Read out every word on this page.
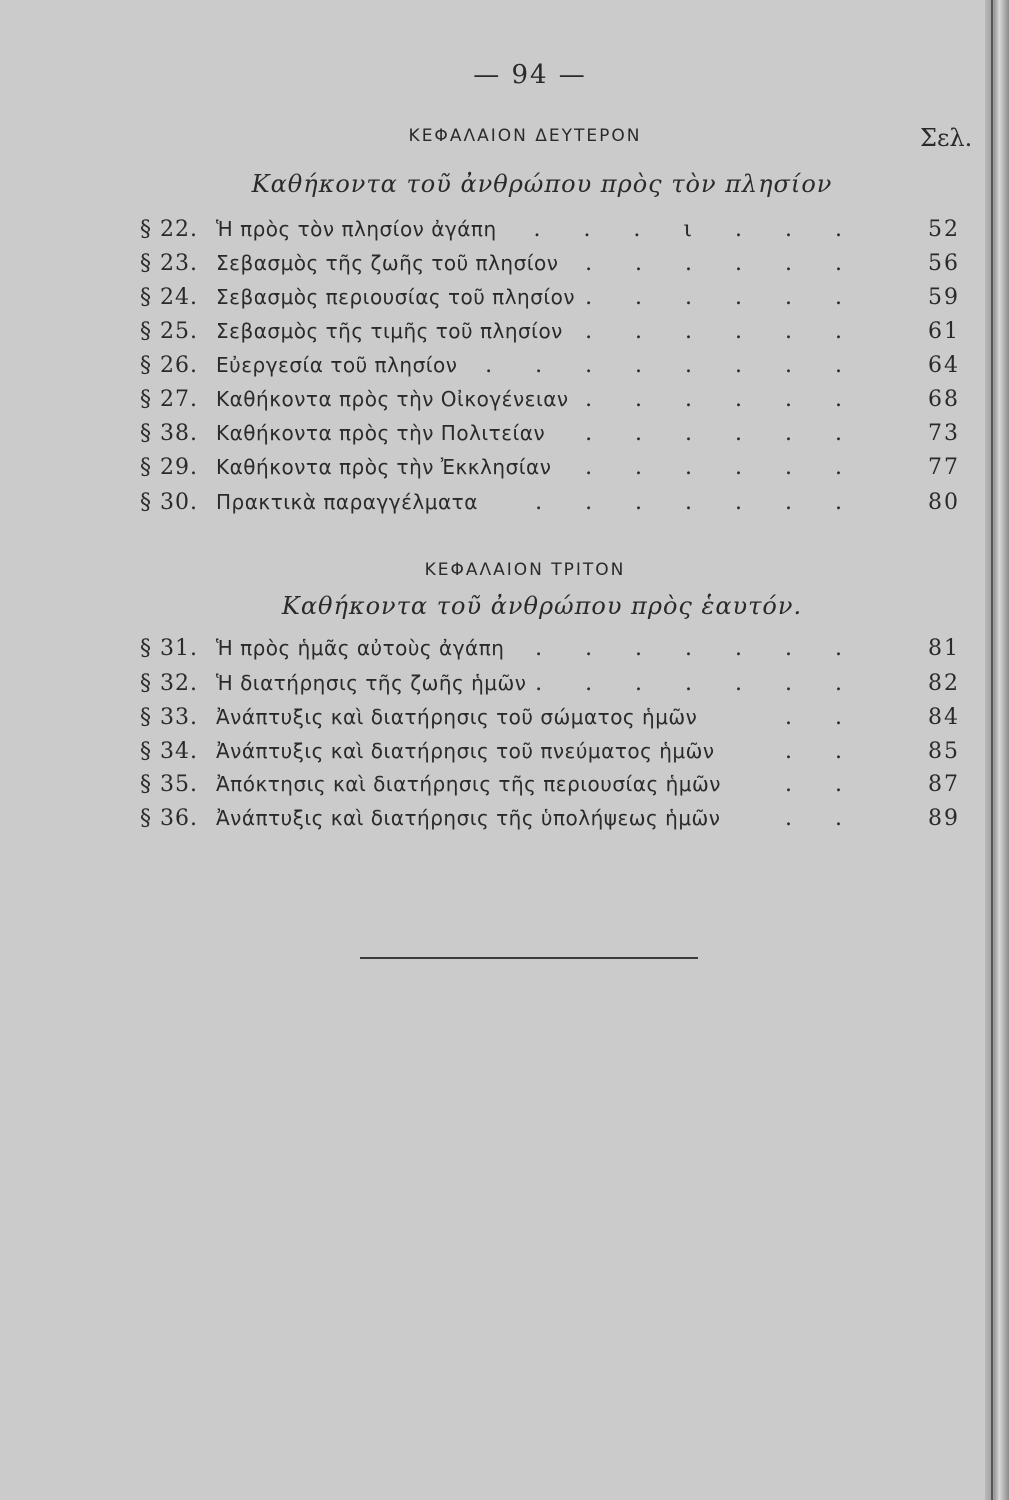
— 94 —
ΚΕΦΑΛΑΙΟΝ ΔΕΥΤΕΡΟΝ	Σελ.
Καθήκοντα τοῦ ἀνθρώπου πρὸς τὸν πλησίον
§ 22. Ἡ πρὸς τὸν πλησίον ἀγάπη . . . ι . . .	52
§ 23. Σεβασμὸς τῆς ζωῆς τοῦ πλησίον . . . . . .	56
§ 24. Σεβασμὸς περιουσίας τοῦ πλησίον . . . . . .	59
§ 25. Σεβασμὸς τῆς τιμῆς τοῦ πλησίον . . . . . .	61
§ 26. Εὐεργεσία τοῦ πλησίον . . . . . . . .	64
§ 27. Καθήκοντα πρὸς τὴν Οἰκογένειαν . . . . . .	68
§ 38. Καθήκοντα πρὸς τὴν Πολιτείαν . . . . . .	73
§ 29. Καθήκοντα πρὸς τὴν Ἐκκλησίαν . . . . . .	77
§ 30. Πρακτικὰ παραγγέλματα	. . . . . . .	80
ΚΕΦΑΛΑΙΟΝ ΤΡΙΤΟΝ
Καθήκοντα τοῦ ἀνθρώπου πρὸς ἑαυτόν.
§ 31. Ἡ πρὸς ἡμᾶς αὐτοὺς ἀγάπη . . . . . . .	81
§ 32. Ἡ διατήρησις τῆς ζωῆς ἡμῶν . . . . . . .	82
§ 33. Ἀνάπτυξις καὶ διατήρησις τοῦ σώματος ἡμῶν	. .	84
§ 34. Ἀνάπτυξις καὶ διατήρησις τοῦ πνεύματος ἡμῶν	. .	85
§ 35. Ἀπόκτησις καὶ διατήρησις τῆς περιουσίας ἡμῶν	. .	87
§ 36. Ἀνάπτυξις καὶ διατήρησις τῆς ὑπολήψεως ἡμῶν	. .	89
